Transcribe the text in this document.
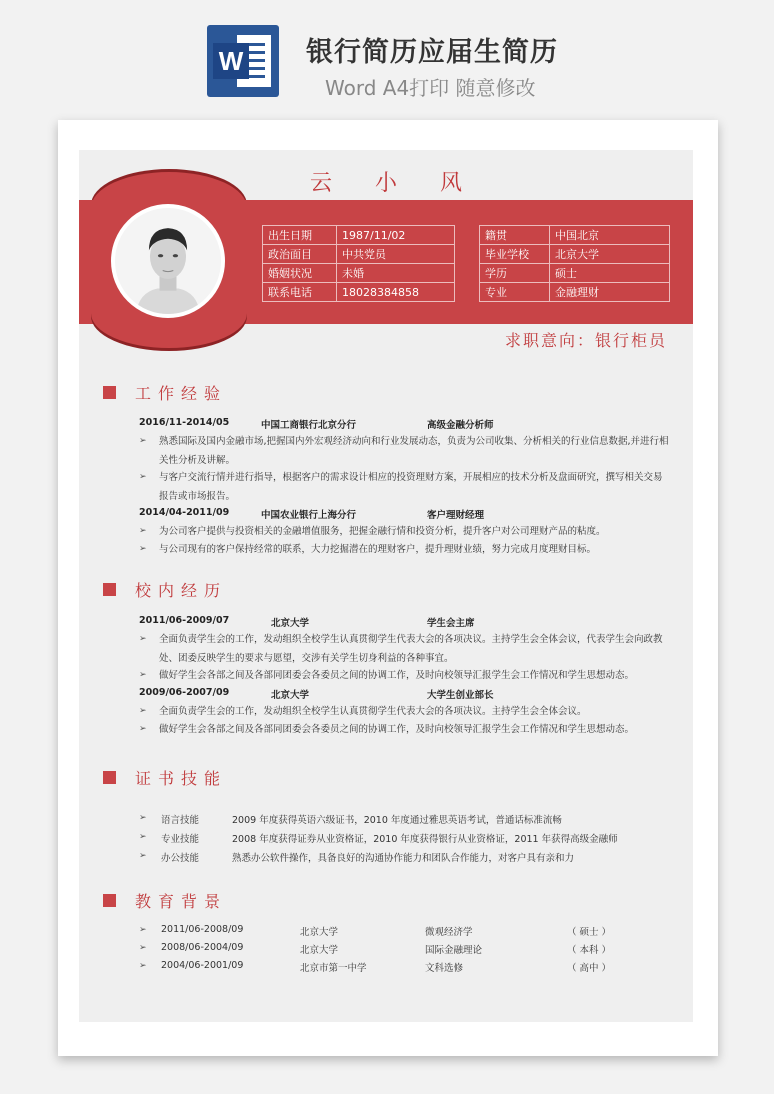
W 银行简历应届生简历
Word A4打印 随意修改
云 小 风
出生日期	1987/11/02
政治面目	中共党员
婚姻状况	未婚
联系电话	18028384858
籍贯	中国北京
毕业学校	北京大学
学历	硕士
专业	金融理财
求职意向：银行柜员
工作经验
2016/11-2014/05	中国工商银行北京分行	高级金融分析师
➢ 熟悉国际及国内金融市场,把握国内外宏观经济动向和行业发展动态，负责为公司收集、分析相关的行业信息数据,并进行相关性分析及讲解。
➢ 与客户交流行情并进行指导，根据客户的需求设计相应的投资理财方案，开展相应的技术分析及盘面研究，撰写相关交易报告或市场报告。
2014/04-2011/09	中国农业银行上海分行	客户理财经理
➢ 为公司客户提供与投资相关的金融增值服务，把握金融行情和投资分析，提升客户对公司理财产品的粘度。
➢ 与公司现有的客户保持经常的联系，大力挖掘潜在的理财客户，提升理财业绩，努力完成月度理财目标。
校内经历
2011/06-2009/07	北京大学	学生会主席
➢ 全面负责学生会的工作，发动组织全校学生认真贯彻学生代表大会的各项决议。主持学生会全体会议，代表学生会向政教处、团委反映学生的要求与愿望，交涉有关学生切身利益的各种事宜。
➢ 做好学生会各部之间及各部同团委会各委员之间的协调工作，及时向校领导汇报学生会工作情况和学生思想动态。
2009/06-2007/09	北京大学	大学生创业部长
➢ 全面负责学生会的工作，发动组织全校学生认真贯彻学生代表大会的各项决议。主持学生会全体会议。
➢ 做好学生会各部之间及各部同团委会各委员之间的协调工作，及时向校领导汇报学生会工作情况和学生思想动态。
证书技能
➢ 语言技能	2009 年度获得英语六级证书，2010 年度通过雅思英语考试，普通话标准流畅
➢ 专业技能	2008 年度获得证券从业资格证，2010 年度获得银行从业资格证，2011 年获得高级金融师
➢ 办公技能	熟悉办公软件操作，具备良好的沟通协作能力和团队合作能力，对客户具有亲和力
教育背景
➢ 2011/06-2008/09	北京大学	微观经济学	（ 硕士 ）
➢ 2008/06-2004/09	北京大学	国际金融理论	（ 本科 ）
➢ 2004/06-2001/09	北京市第一中学	文科选修	（ 高中 ）
